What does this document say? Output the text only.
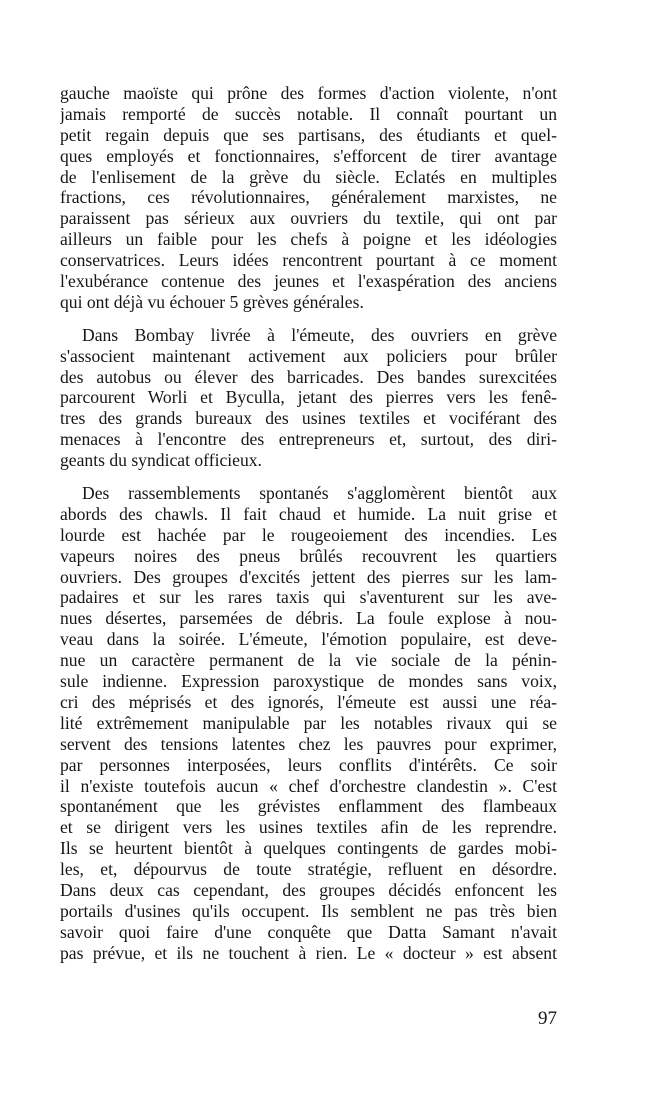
gauche maoïste qui prône des formes d'action violente, n'ont
jamais remporté de succès notable. Il connaît pourtant un
petit regain depuis que ses partisans, des étudiants et quel-
ques employés et fonctionnaires, s'efforcent de tirer avantage
de l'enlisement de la grève du siècle. Eclatés en multiples
fractions, ces révolutionnaires, généralement marxistes, ne
paraissent pas sérieux aux ouvriers du textile, qui ont par
ailleurs un faible pour les chefs à poigne et les idéologies
conservatrices. Leurs idées rencontrent pourtant à ce moment
l'exubérance contenue des jeunes et l'exaspération des anciens
qui ont déjà vu échouer 5 grèves générales.
Dans Bombay livrée à l'émeute, des ouvriers en grève
s'associent maintenant activement aux policiers pour brûler
des autobus ou élever des barricades. Des bandes surexcitées
parcourent Worli et Byculla, jetant des pierres vers les fenê-
tres des grands bureaux des usines textiles et vociférant des
menaces à l'encontre des entrepreneurs et, surtout, des diri-
geants du syndicat officieux.
Des rassemblements spontanés s'agglomèrent bientôt aux
abords des chawls. Il fait chaud et humide. La nuit grise et
lourde est hachée par le rougeoiement des incendies. Les
vapeurs noires des pneus brûlés recouvrent les quartiers
ouvriers. Des groupes d'excités jettent des pierres sur les lam-
padaires et sur les rares taxis qui s'aventurent sur les ave-
nues désertes, parsemées de débris. La foule explose à nou-
veau dans la soirée. L'émeute, l'émotion populaire, est deve-
nue un caractère permanent de la vie sociale de la pénin-
sule indienne. Expression paroxystique de mondes sans voix,
cri des méprisés et des ignorés, l'émeute est aussi une réa-
lité extrêmement manipulable par les notables rivaux qui se
servent des tensions latentes chez les pauvres pour exprimer,
par personnes interposées, leurs conflits d'intérêts. Ce soir
il n'existe toutefois aucun « chef d'orchestre clandestin ». C'est
spontanément que les grévistes enflamment des flambeaux
et se dirigent vers les usines textiles afin de les reprendre.
Ils se heurtent bientôt à quelques contingents de gardes mobi-
les, et, dépourvus de toute stratégie, refluent en désordre.
Dans deux cas cependant, des groupes décidés enfoncent les
portails d'usines qu'ils occupent. Ils semblent ne pas très bien
savoir quoi faire d'une conquête que Datta Samant n'avait
pas prévue, et ils ne touchent à rien. Le « docteur » est absent
97
